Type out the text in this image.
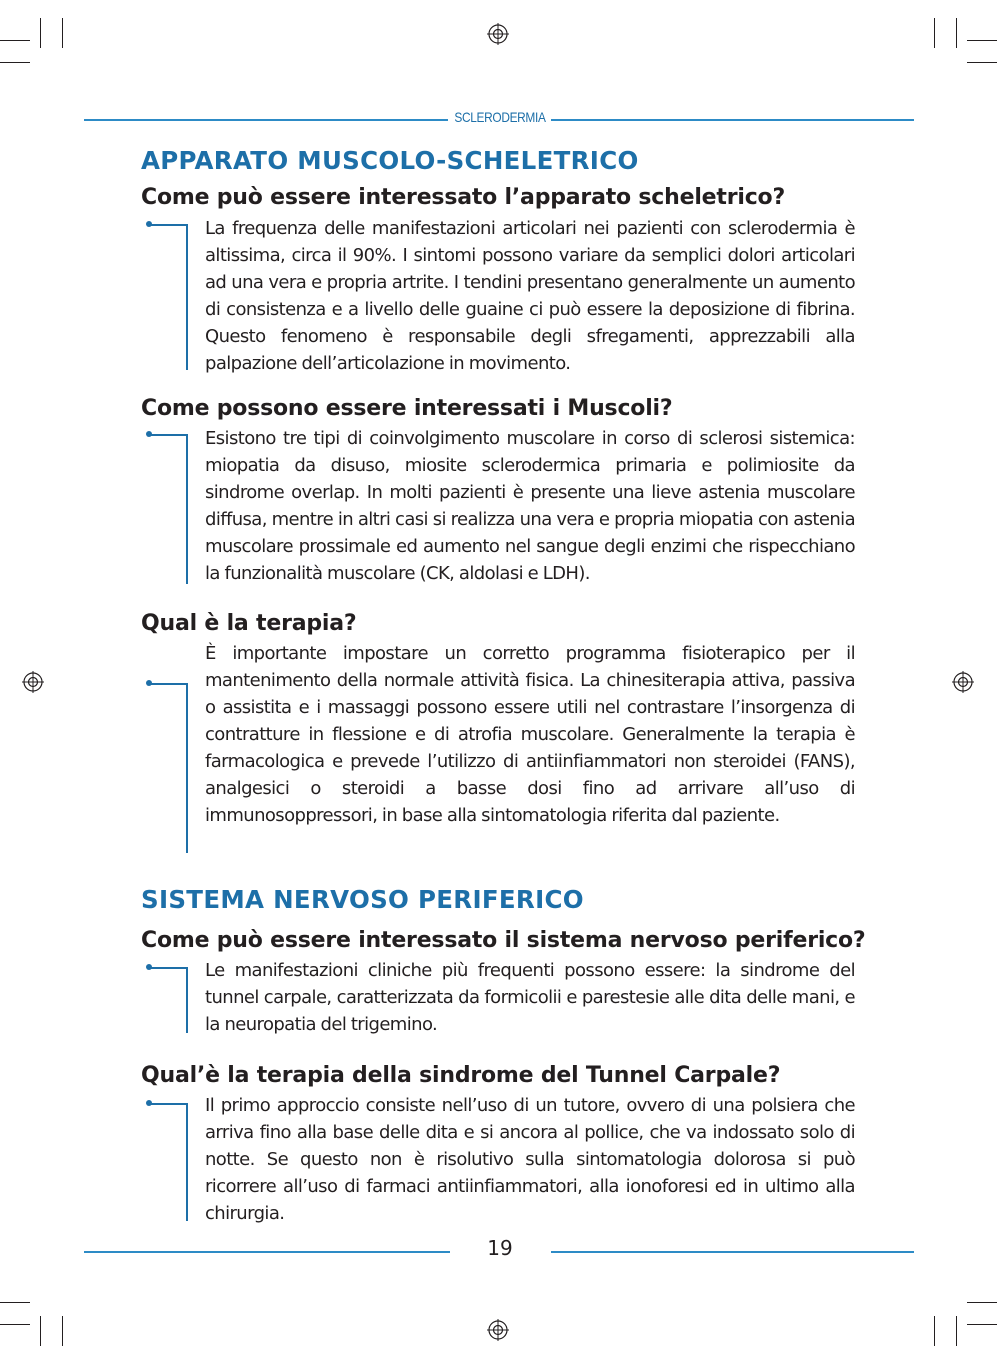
SCLERODERMIA
APPARATO MUSCOLO-SCHELETRICO
Come può essere interessato l’apparato scheletrico?

La frequenza delle manifestazioni articolari nei pazienti con sclerodermia è altissima, circa il 90%. I sintomi possono variare da semplici dolori articolari ad una vera e propria artrite. I tendini presentano generalmente un aumento di consistenza e a livello delle guaine ci può essere la deposizione di fibrina. Questo fenomeno è responsabile degli sfregamenti, apprezzabili alla palpazione dell’articolazione in movimento.

Come possono essere interessati i Muscoli?

Esistono tre tipi di coinvolgimento muscolare in corso di sclerosi sistemica: miopatia da disuso, miosite sclerodermica primaria e polimiosite da sindrome overlap. In molti pazienti è presente una lieve astenia muscolare diffusa, mentre in altri casi si realizza una vera e propria miopatia con astenia muscolare prossimale ed aumento nel sangue degli enzimi che rispecchiano la funzionalità muscolare (CK, aldolasi e LDH).

Qual è la terapia?

È importante impostare un corretto programma fisioterapico per il mantenimento della normale attività fisica. La chinesiterapia attiva, passiva o assistita e i massaggi possono essere utili nel contrastare l’insorgenza di contratture in flessione e di atrofia muscolare. Generalmente la terapia è farmacologica e prevede l’utilizzo di antiinfiammatori non steroidei (FANS), analgesici o steroidi a basse dosi fino ad arrivare all’uso di immunosoppressori, in base alla sintomatologia riferita dal paziente.

SISTEMA NERVOSO PERIFERICO
Come può essere interessato il sistema nervoso periferico?

Le manifestazioni cliniche più frequenti possono essere: la sindrome del tunnel carpale, caratterizzata da formicolii e parestesie alle dita delle mani, e la neuropatia del trigemino.

Qual’è la terapia della sindrome del Tunnel Carpale?

Il primo approccio consiste nell’uso di un tutore, ovvero di una polsiera che arriva fino alla base delle dita e si ancora al pollice, che va indossato solo di notte. Se questo non è risolutivo sulla sintomatologia dolorosa si può ricorrere all’uso di farmaci antiinfiammatori, alla ionoforesi ed in ultimo alla chirurgia.

19
